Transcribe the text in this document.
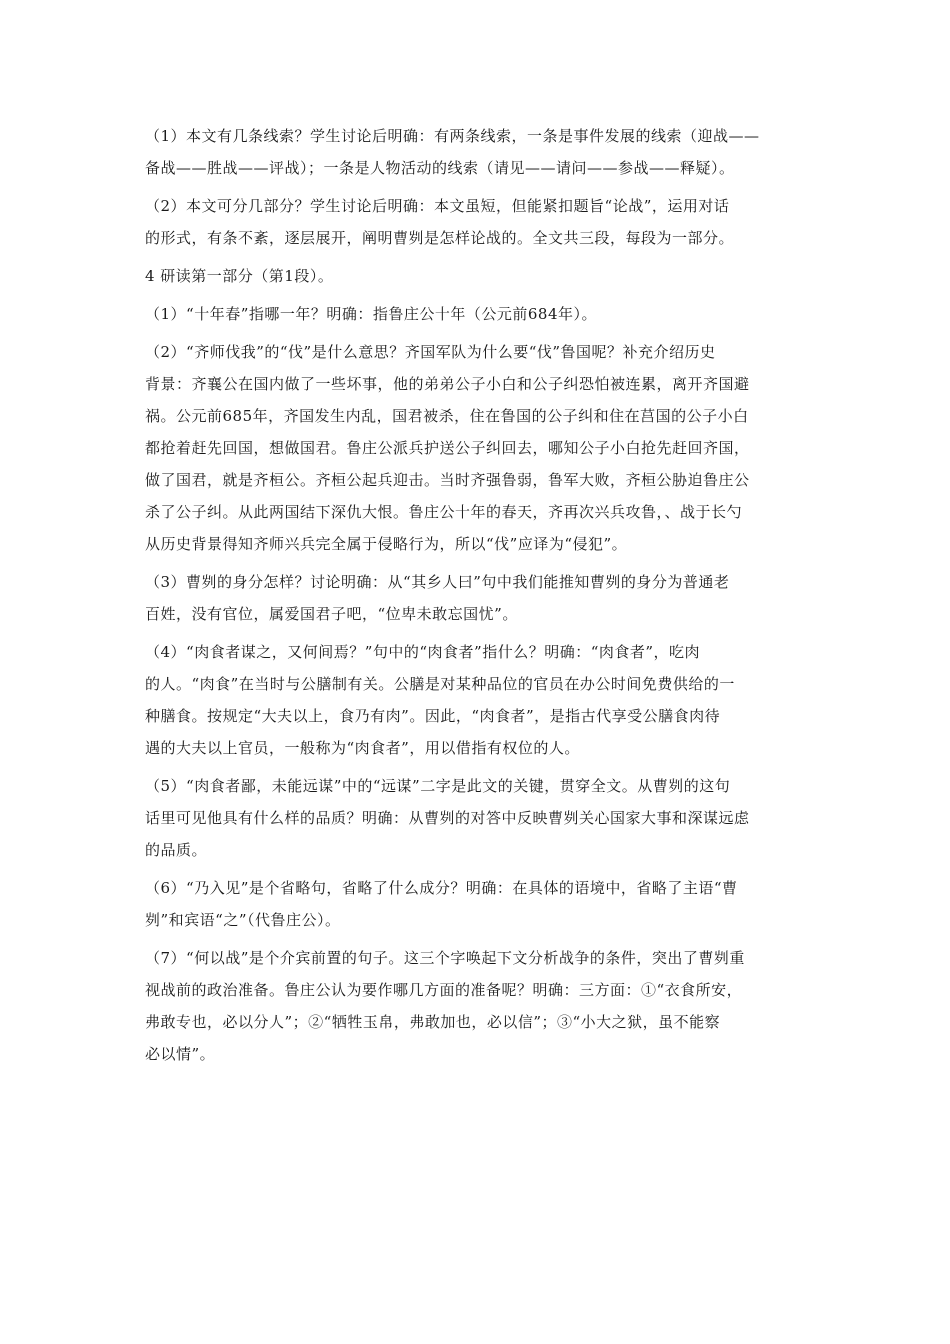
（1）本文有几条线索？学生讨论后明确：有两条线索，一条是事件发展的线索（迎战——
备战——胜战——评战）；一条是人物活动的线索（请见——请问——参战——释疑）。
（2）本文可分几部分？学生讨论后明确：本文虽短，但能紧扣题旨“论战”，运用对话
的形式，有条不紊，逐层展开，阐明曹刿是怎样论战的。全文共三段，每段为一部分。
4 研读第一部分（第1段）。
（1）“十年春”指哪一年？明确：指鲁庄公十年（公元前684年）。
（2）“齐师伐我”的“伐”是什么意思？齐国军队为什么要“伐”鲁国呢？补充介绍历史
背景：齐襄公在国内做了一些坏事，他的弟弟公子小白和公子纠恐怕被连累，离开齐国避
祸。公元前685年，齐国发生内乱，国君被杀，住在鲁国的公子纠和住在莒国的公子小白
都抢着赶先回国，想做国君。鲁庄公派兵护送公子纠回去，哪知公子小白抢先赶回齐国，
做了国君，就是齐桓公。齐桓公起兵迎击。当时齐强鲁弱，鲁军大败，齐桓公胁迫鲁庄公
杀了公子纠。从此两国结下深仇大恨。鲁庄公十年的春天，齐再次兴兵攻鲁，、战于长勺
从历史背景得知齐师兴兵完全属于侵略行为，所以“伐”应译为“侵犯”。
（3）曹刿的身分怎样？讨论明确：从“其乡人曰”句中我们能推知曹刿的身分为普通老
百姓，没有官位，属爱国君子吧，“位卑未敢忘国忧”。
（4）“肉食者谋之，又何间焉？”句中的“肉食者”指什么？明确：“肉食者”，吃肉
的人。“肉食”在当时与公膳制有关。公膳是对某种品位的官员在办公时间免费供给的一
种膳食。按规定“大夫以上，食乃有肉”。因此，“肉食者”，是指古代享受公膳食肉待
遇的大夫以上官员，一般称为“肉食者”，用以借指有权位的人。
（5）“肉食者鄙，未能远谋”中的“远谋”二字是此文的关键，贯穿全文。从曹刿的这句
话里可见他具有什么样的品质？明确：从曹刿的对答中反映曹刿关心国家大事和深谋远虑
的品质。
（6）“乃入见”是个省略句，省略了什么成分？明确：在具体的语境中，省略了主语“曹
刿”和宾语“之”（代鲁庄公）。
（7）“何以战”是个介宾前置的句子。这三个字唤起下文分析战争的条件，突出了曹刿重
视战前的政治准备。鲁庄公认为要作哪几方面的准备呢？明确：三方面：①“衣食所安，
弗敢专也，必以分人”；②“牺牲玉帛，弗敢加也，必以信”；③“小大之狱，虽不能察
必以情”。
